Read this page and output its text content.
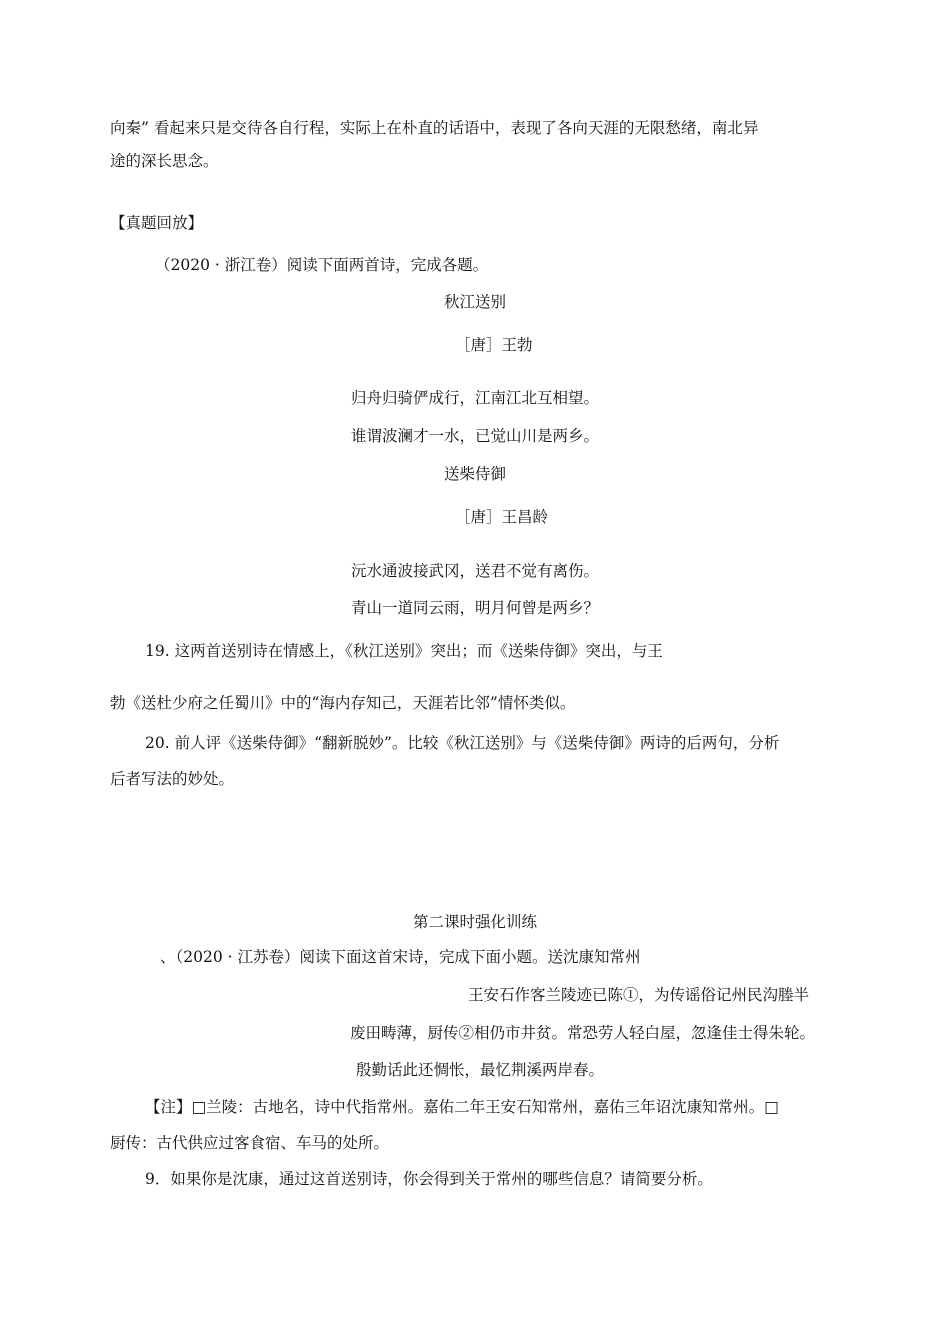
向秦” 看起来只是交待各自行程，实际上在朴直的话语中，表现了各向天涯的无限愁绪，南北异
途的深长思念。
【真题回放】
（2020 · 浙江卷）阅读下面两首诗，完成各题。
秋江送别
［唐］王勃
归舟归骑俨成行，江南江北互相望。
谁谓波澜才一水，已觉山川是两乡。
送柴侍御
［唐］王昌龄
沅水通波接武冈，送君不觉有离伤。
青山一道同云雨，明月何曾是两乡？
19. 这两首送别诗在情感上，《秋江送别》突出；而《送柴侍御》突出，与王
勃《送杜少府之任蜀川》中的“海内存知己，天涯若比邻”情怀类似。
20. 前人评《送柴侍御》“翻新脱妙”。比较《秋江送别》与《送柴侍御》两诗的后两句，分析
后者写法的妙处。
第二课时强化训练
、（2020 · 江苏卷）阅读下面这首宋诗，完成下面小题。送沈康知常州
王安石作客兰陵迹已陈①，为传谣俗记州民沟塍半
废田畴薄，厨传②相仍市井贫。常恐劳人轻白屋，忽逢佳士得朱轮。
殷勤话此还惆怅，最忆荆溪两岸春。
【注】□兰陵：古地名，诗中代指常州。嘉佑二年王安石知常州，嘉佑三年诏沈康知常州。□
厨传：古代供应过客食宿、车马的处所。
9．如果你是沈康，通过这首送别诗，你会得到关于常州的哪些信息？请简要分析。
